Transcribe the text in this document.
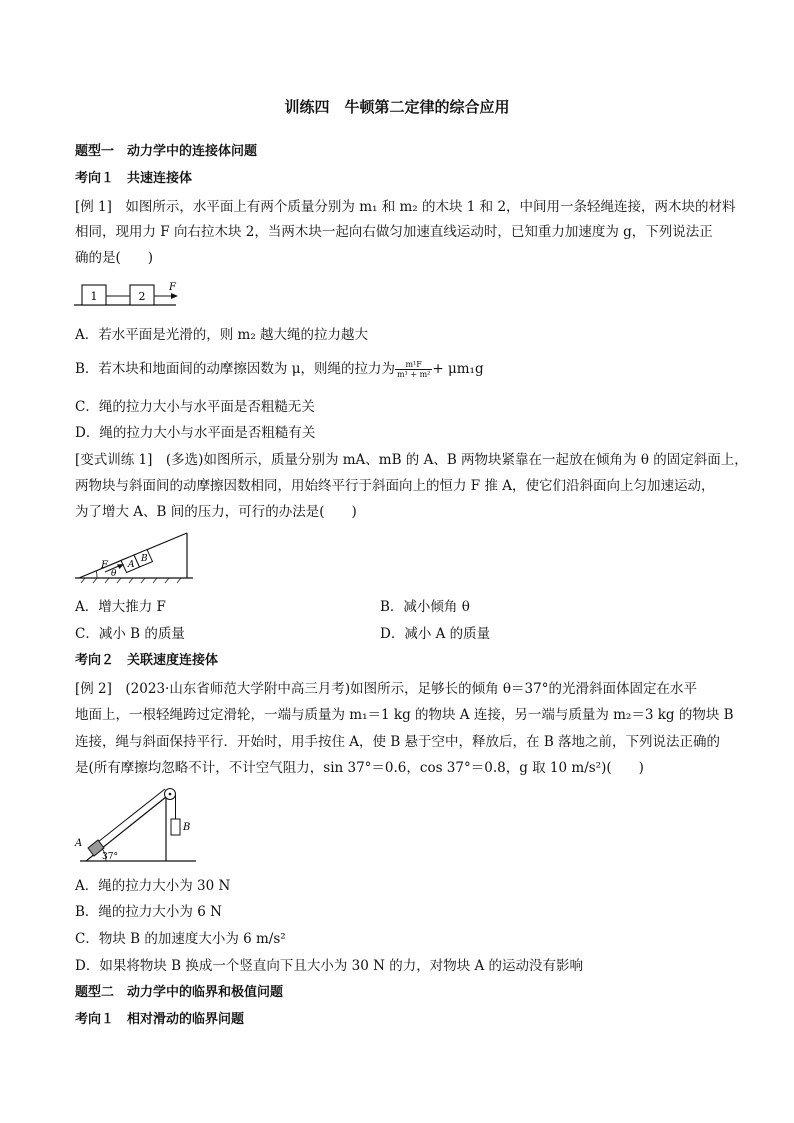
训练四　牛顿第二定律的综合应用
题型一　动力学中的连接体问题
考向１　共速连接体
[例 1]　如图所示，水平面上有两个质量分别为 m₁ 和 m₂ 的木块 1 和 2，中间用一条轻绳连接，两木块的材料
相同，现用力 F 向右拉木块 2，当两木块一起向右做匀加速直线运动时，已知重力加速度为 g，下列说法正
确的是(　　)
1	2
F
A．若水平面是光滑的，则 m₂ 越大绳的拉力越大
B．若木块和地面间的动摩擦因数为 μ，则绳的拉力为 $\frac{\text{m¹F}}{\text{m¹ + m²}} + \mu m_1g$
C．绳的拉力大小与水平面是否粗糙无关
D．绳的拉力大小与水平面是否粗糙有关
[变式训练 1]　(多选)如图所示，质量分别为 mA、mB 的 A、B 两物块紧靠在一起放在倾角为 θ 的固定斜面上，
两物块与斜面间的动摩擦因数相同，用始终平行于斜面向上的恒力 F 推 A，使它们沿斜面向上匀加速运动，
为了增大 A、B 间的压力，可行的办法是(　　)
A
B
F
θ
A．增大推力 F	B．减小倾角 θ
C．减小 B 的质量	D．减小 A 的质量
考向２　关联速度连接体
[例 2]　(2023·山东省师范大学附中高三月考)如图所示，足够长的倾角 θ＝37°的光滑斜面体固定在水平
地面上，一根轻绳跨过定滑轮，一端与质量为 m₁＝1 kg 的物块 A 连接，另一端与质量为 m₂＝3 kg 的物块 B
连接，绳与斜面保持平行．开始时，用手按住 A，使 B 悬于空中，释放后，在 B 落地之前，下列说法正确的
是(所有摩擦均忽略不计，不计空气阻力，sin 37°＝0.6，cos 37°＝0.8，g 取 10 m/s²)(　　)
A
B
37°
A．绳的拉力大小为 30 N
B．绳的拉力大小为 6 N
C．物块 B 的加速度大小为 6 m/s²
D．如果将物块 B 换成一个竖直向下且大小为 30 N 的力，对物块 A 的运动没有影响
题型二　动力学中的临界和极值问题
考向１　相对滑动的临界问题
